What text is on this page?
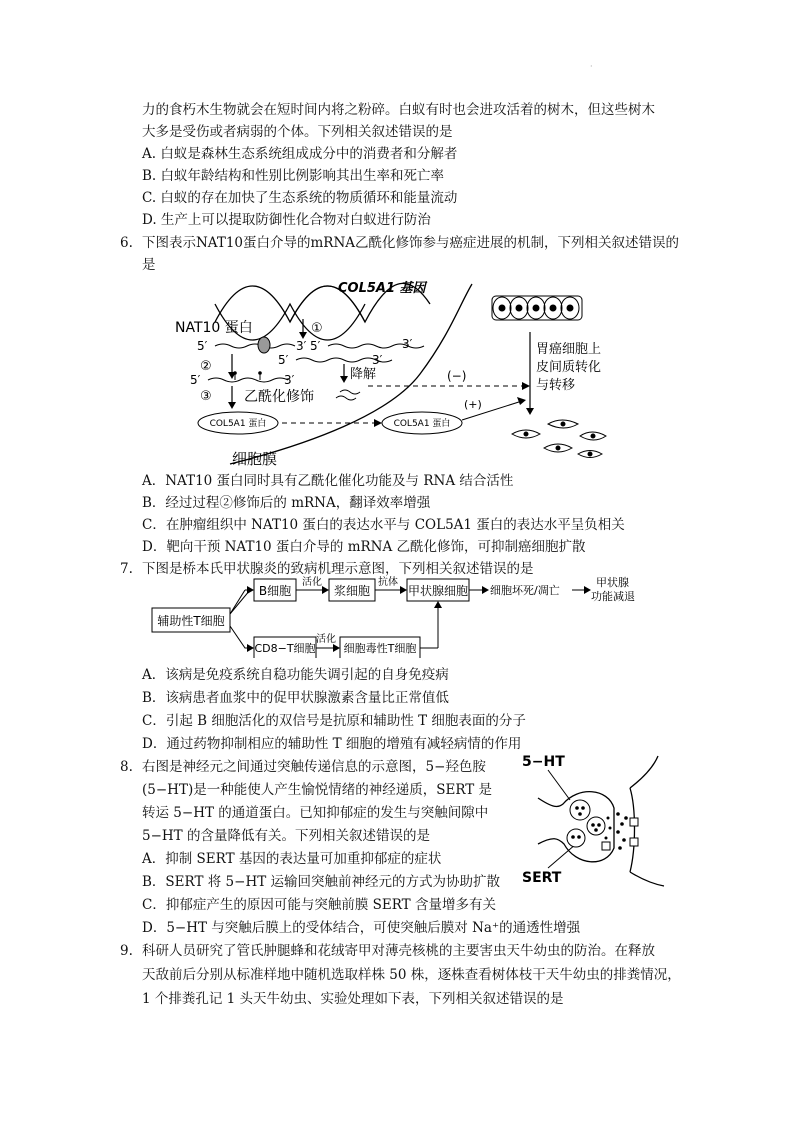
·
力的食朽木生物就会在短时间内将之粉碎。白蚁有时也会进攻活着的树木，但这些树木
大多是受伤或者病弱的个体。下列相关叙述错误的是
A. 白蚁是森林生态系统组成成分中的消费者和分解者
B. 白蚁年龄结构和性别比例影响其出生率和死亡率
C. 白蚁的存在加快了生态系统的物质循环和能量流动
D. 生产上可以提取防御性化合物对白蚁进行防治
6. 下图表示NAT10蛋白介导的mRNA乙酰化修饰参与癌症进展的机制，下列相关叙述错误的
是
COL5A1 基因
NAT10 蛋白	①
5′	3′ 5′	3′
②	5′	3′
降解
5′	3′
③ 乙酰化修饰
(−)
细胞膜
COL5A1 蛋白	COL5A1 蛋白
(+)
胃癌细胞上
皮间质转化
与转移
A．NAT10 蛋白同时具有乙酰化催化功能及与 RNA 结合活性
B．经过过程②修饰后的 mRNA，翻译效率增强
C．在肿瘤组织中 NAT10 蛋白的表达水平与 COL5A1 蛋白的表达水平呈负相关
D．靶向干预 NAT10 蛋白介导的 mRNA 乙酰化修饰，可抑制癌细胞扩散
7. 下图是桥本氏甲状腺炎的致病机理示意图，下列相关叙述错误的是
辅助性T细胞
B细胞
活化
浆细胞
抗体
甲状腺细胞 细胞坏死/凋亡
甲状腺
功能减退
CD8−T细胞
活化
细胞毒性T细胞
A．该病是免疫系统自稳功能失调引起的自身免疫病
B．该病患者血浆中的促甲状腺激素含量比正常值低
C．引起 B 细胞活化的双信号是抗原和辅助性 T 细胞表面的分子
D．通过药物抑制相应的辅助性 T 细胞的增殖有减轻病情的作用
8. 右图是神经元之间通过突触传递信息的示意图，5−羟色胺
(5−HT)是一种能使人产生愉悦情绪的神经递质，SERT 是
转运 5−HT 的通道蛋白。已知抑郁症的发生与突触间隙中
5−HT 的含量降低有关。下列相关叙述错误的是
5−HT
SERT
A．抑制 SERT 基因的表达量可加重抑郁症的症状
B．SERT 将 5−HT 运输回突触前神经元的方式为协助扩散
C．抑郁症产生的原因可能与突触前膜 SERT 含量增多有关
D．5−HT 与突触后膜上的受体结合，可使突触后膜对 Na⁺的通透性增强
9. 科研人员研究了管氏肿腿蜂和花绒寄甲对薄壳核桃的主要害虫天牛幼虫的防治。在释放
天敌前后分别从标准样地中随机选取样株 50 株，逐株查看树体枝干天牛幼虫的排粪情况，
1 个排粪孔记 1 头天牛幼虫、实验处理如下表，下列相关叙述错误的是
